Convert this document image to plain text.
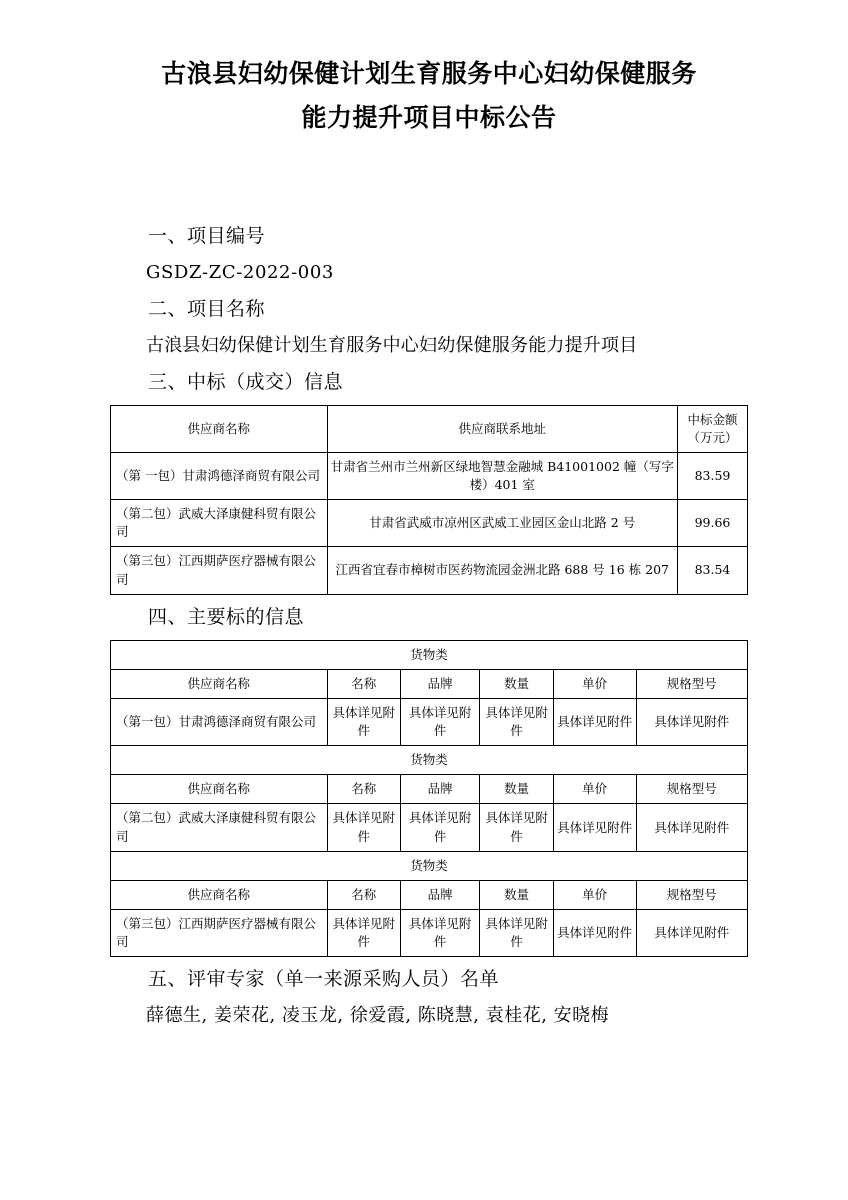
古浪县妇幼保健计划生育服务中心妇幼保健服务
能力提升项目中标公告

一、项目编号

GSDZ-ZC-2022-003

二、项目名称

古浪县妇幼保健计划生育服务中心妇幼保健服务能力提升项目

三、中标（成交）信息

供应商名称	供应商联系地址	中标金额
（万元）
（第 一包）甘肃鸿德泽商贸有限公司	甘肃省兰州市兰州新区绿地智慧金融城 B41001002 幢（写字楼）401 室	83.59
（第二包）武威大泽康健科贸有限公司	甘肃省武威市凉州区武威工业园区金山北路 2 号	99.66
（第三包）江西期萨医疗器械有限公司	江西省宜春市樟树市医药物流园金洲北路 688 号 16 栋 207	83.54

四、主要标的信息

货物类					
供应商名称	名称	品牌	数量	单价	规格型号
（第一包）甘肃鸿德泽商贸有限公司	具体详见附件	具体详见附件	具体详见附件	具体详见附件	具体详见附件
货物类					
供应商名称	名称	品牌	数量	单价	规格型号
（第二包）武威大泽康健科贸有限公司	具体详见附件	具体详见附件	具体详见附件	具体详见附件	具体详见附件
货物类					
供应商名称	名称	品牌	数量	单价	规格型号
（第三包）江西期萨医疗器械有限公司	具体详见附件	具体详见附件	具体详见附件	具体详见附件	具体详见附件

五、评审专家（单一来源采购人员）名单

薛德生, 姜荣花, 凌玉龙, 徐爱霞, 陈晓慧, 袁桂花, 安晓梅
